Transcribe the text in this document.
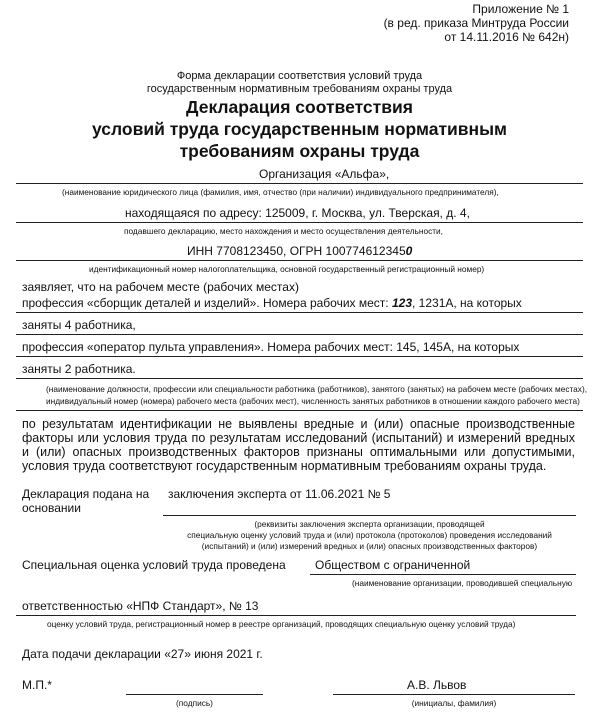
Приложение № 1
(в ред. приказа Минтруда России
от 14.11.2016 № 642н)
Форма декларации соответствия условий труда
государственным нормативным требованиям охраны труда
Декларация соответствия
условий труда государственным нормативным
требованиям охраны труда
Организация «Альфа»,
(наименование юридического лица (фамилия, имя, отчество (при наличии) индивидуального предпринимателя),
находящаяся по адресу: 125009, г. Москва, ул. Тверская, д. 4,
подавшего декларацию, место нахождения и место осуществления деятельности,
ИНН 7708123450, ОГРН 1007746123450
идентификационный номер налогоплательщика, основной государственный регистрационный номер)
заявляет, что на рабочем месте (рабочих местах)
профессия «сборщик деталей и изделий». Номера рабочих мест: 123, 1231А, на которых
заняты 4 работника,
профессия «оператор пульта управления». Номера рабочих мест: 145, 145А, на которых
заняты 2 работника.
(наименование должности, профессии или специальности работника (работников), занятого (занятых) на рабочем месте (рабочих местах),
индивидуальный номер (номера) рабочего места (рабочих мест), численность занятых работников в отношении каждого рабочего места)
по результатам идентификации не выявлены вредные и (или) опасные производственные факторы или условия труда по результатам исследований (испытаний) и измерений вредных и (или) опасных производственных факторов признаны оптимальными или допустимыми, условия труда соответствуют государственным нормативным требованиям охраны труда.
Декларация подана на основании
заключения эксперта от 11.06.2021 № 5
(реквизиты заключения эксперта организации, проводящей
специальную оценку условий труда и (или) протокола (протоколов) проведения исследований
(испытаний) и (или) измерений вредных и (или) опасных производственных факторов)
Специальная оценка условий труда проведена Обществом с ограниченной
(наименование организации, проводившей специальную
ответственностью «НПФ Стандарт», № 13
оценку условий труда, регистрационный номер в реестре организаций, проводящих специальную оценку условий труда)
Дата подачи декларации «27» июня 2021 г.
М.П.*
(подпись)
А.В. Львов
(инициалы, фамилия)
